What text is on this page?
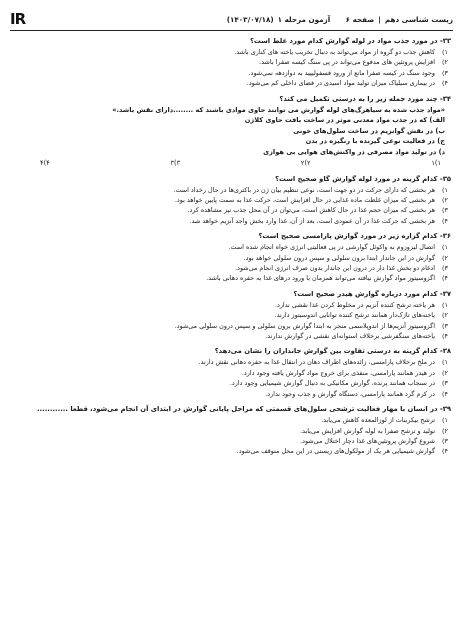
زیست شناسی دهم
|
صفحه ۶

آزمون مرحله ۱
(۱۴۰۳/۰۷/۱۸)
IR
۳۳- در مورد جذب مواد در لوله گوارش کدام مورد غلط است؟
۱)
کاهش جذب دو گروه از مواد می‌تواند به دنبال تخریب یاخته های کناری باشد.
۲)
افزایش پروتئین های مدفوع می‌تواند در پی سنگ کیسه صفرا باشد.
۳)
وجود سنگ در کیسه صفرا مانع از ورود فسفولیپید به دوازدهه نمی‌شود.
۴)
در بیماری سیلیاک میزان تولید مواد اسیدی در فضای داخلی کم می‌شود.
۳۴- چند مورد جمله زیر را به درستی تکمیل می کند؟
«مواد جذب شده به سیاهرگ‌های لوله گوارش می توانند حاوی موادی باشند که ........دارای نقش باشد.»
الف) که در جذب مواد معدنی موثر در ساخت بافت حاوی کلاژن
ب) در نقش گوانزیم در ساخت سلول‌های خونی
ج) در فعالیت نوعی گیرنده با رنگیزه در بدن
د) در تولید مواد مصرفی در واکنش‌های هوایی بی هوازی
۱)۱
۲)۲
۳)۳
۴)۴
۳۵- کدام گزینه در مورد لوله گوارش گاو صحیح است؟
۱)
هر بخشی که دارای حرکت در دو جهت است، نوعی تنظیم بیان ژن در باکتری‌ها در حال رخداد است.
۲)
هر بخشی که میزان غلظت ماده غذایی در حال افزایش است، حرکت غذا به سمت پایین خواهد بود.
۳)
هر بخشی که میزان حجم غذا در حال کاهش است، می‌توان در آن محل جذب نیز مشاهده کرد.
۴)
هر بخشی که حرکت غذا در آن عمودی است، بعد از آن، غذا وارد بخش واجد آنزیم خواهد شد.
۳۶- کدام گزاره زیر در مورد گوارش پارامسی صحیح است؟
۱)
اتصال لیزوزوم به واکوئل گوارشی در پی فعالیتی انرژی خواه انجام شده است.
۲)
گوارش در این جاندار ابتدا برون سلولی و سپس درون سلولی خواهد بود.
۳)
ادغام دو بخش غذا دار در درون این جاندار بدون صرف انرژی انجام می‌شود.
۴)
اگزوسیتوز مواد گوارش نیافته می‌تواند همزمان با ورود درهای غذا به حفره دهانی باشد.
۳۷- کدام مورد درباره گوارش هیدر صحیح است؟
۱)
هر یاخته ترشح کننده آنزیم در مخلوط کردن غذا نقشی ندارد.
۲)
یاخته‌های تاژک‌دار همانند ترشح کننده توانایی اندوسیتوز دارند.
۳)
اگزوسیتوز آنزیم‌ها از اندوپلاسمی منجر به ابتدا گوارش برون سلولی و سپس درون سلولی می‌شود.
۴)
یاخته‌های سنگفرشی برخلاف استوانه‌ای نقشی در گوارش ندارند.
۳۸- کدام گزینه به درستی تفاوت بین گوارش جانداران را نشان می‌دهد؟
۱)
در ملخ برخلاف پارامسی، زائده‌های اطراف دهان در انتقال غذا به حفره دهانی نقش دارند.
۲)
در هیدر همانند پارامسی، منفذی برای خروج مواد گوارش یافته وجود دارد.
۳)
در سنجاب همانند پرنده، گوارش مکانیکی به دنبال گوارش شیمیایی وجود دارد.
۴)
در کرم گرد همانند پارامسی، دستگاه گوارش و جذب وجود ندارد.
۳۹- در انسان با مهار فعالیت ترشحی سلول‌های قسمتی که مراحل پایانی گوارش در ابتدای آن انجام می‌شود، قطعا ............
۱)
ترشح بیکربنات از لوزالمعده کاهش می‌یابد.
۲)
تولید و ترشح صفرا به لوله گوارش افزایش می‌یابد.
۳)
شروع گوارش پروتئین‌های غذا دچار اختلال می‌شود.
۴)
گوارش شیمیایی هر یک از مولکول‌های زیستی در این محل متوقف می‌شود.
